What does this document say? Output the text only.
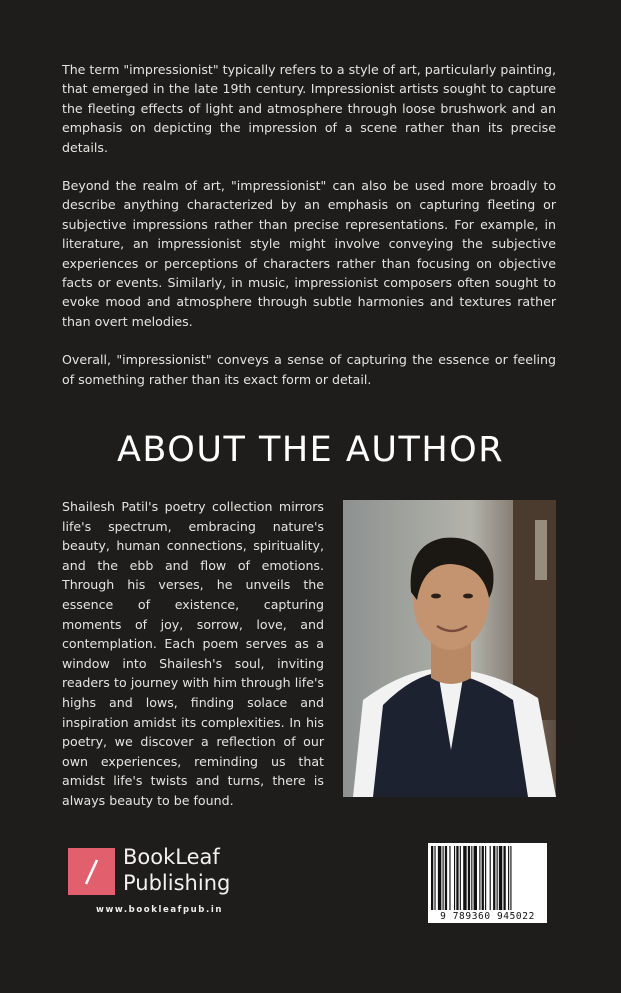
The term "impressionist" typically refers to a style of art, particularly painting, that emerged in the late 19th century. Impressionist artists sought to capture the fleeting effects of light and atmosphere through loose brushwork and an emphasis on depicting the impression of a scene rather than its precise details.

Beyond the realm of art, "impressionist" can also be used more broadly to describe anything characterized by an emphasis on capturing fleeting or subjective impressions rather than precise representations. For example, in literature, an impressionist style might involve conveying the subjective experiences or perceptions of characters rather than focusing on objective facts or events. Similarly, in music, impressionist composers often sought to evoke mood and atmosphere through subtle harmonies and textures rather than overt melodies.

Overall, "impressionist" conveys a sense of capturing the essence or feeling of something rather than its exact form or detail.

ABOUT THE AUTHOR

Shailesh Patil's poetry collection mirrors life's spectrum, embracing nature's beauty, human connections, spirituality, and the ebb and flow of emotions. Through his verses, he unveils the essence of existence, capturing moments of joy, sorrow, love, and contemplation. Each poem serves as a window into Shailesh's soul, inviting readers to journey with him through life's highs and lows, finding solace and inspiration amidst its complexities. In his poetry, we discover a reflection of our own experiences, reminding us that amidst life's twists and turns, there is always beauty to be found.

BookLeaf
Publishing
www.bookleafpub.in
9 789360 945022
